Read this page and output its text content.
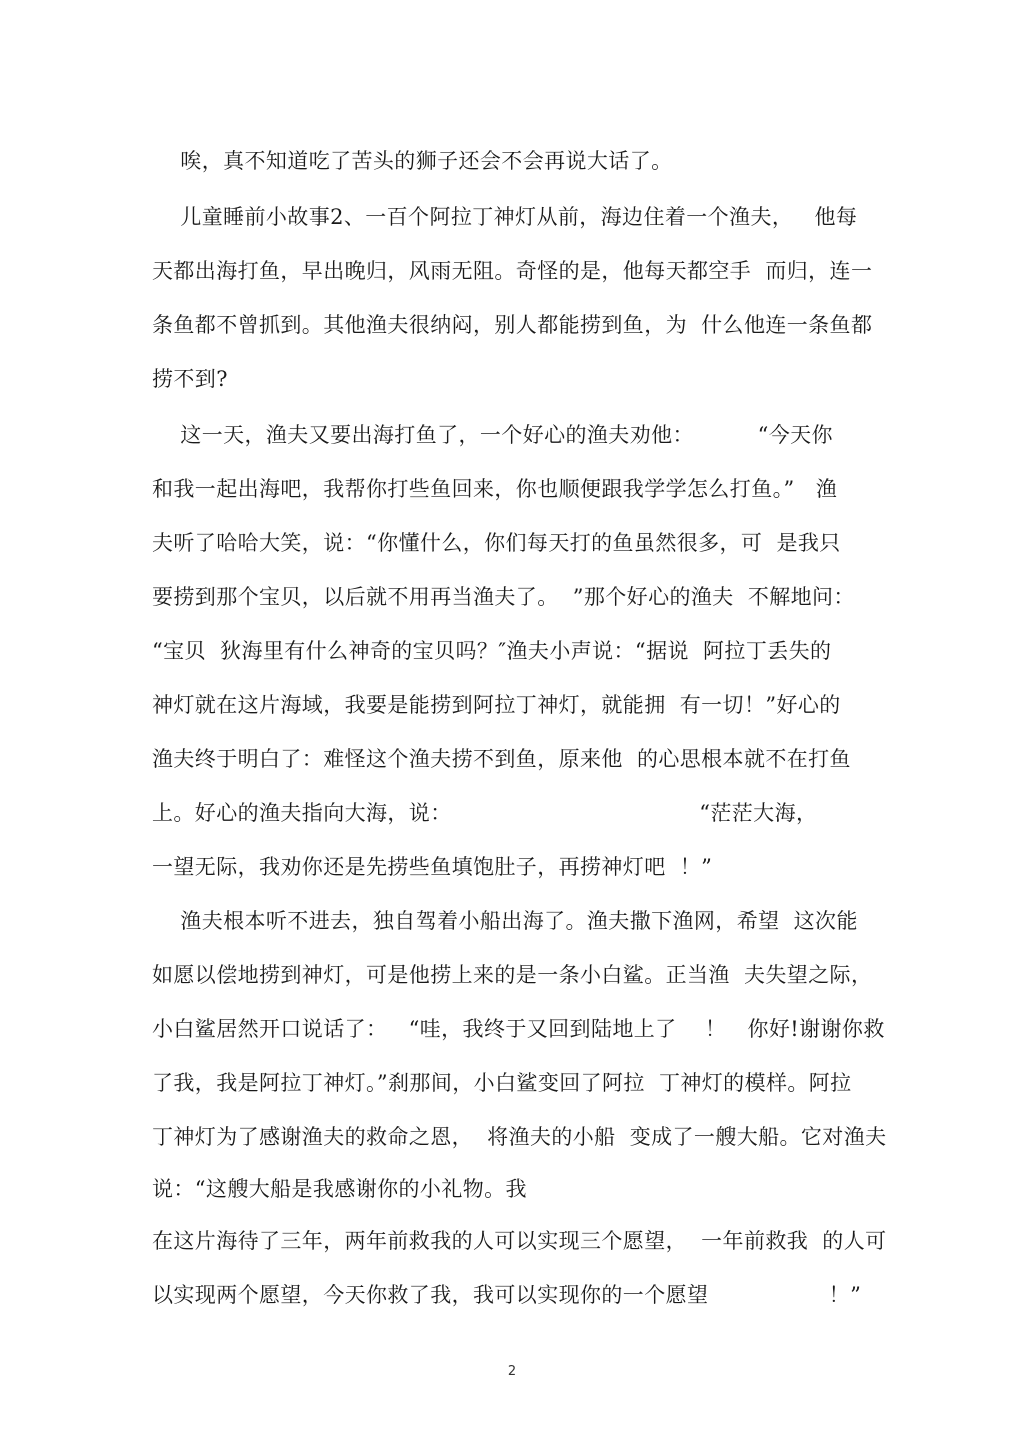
唉，真不知道吃了苦头的狮子还会不会再说大话了。
儿童睡前小故事2、一百个阿拉丁神灯从前，海边住着一个渔夫，   他每
天都出海打鱼，早出晚归，风雨无阻。奇怪的是，他每天都空手  而归，连一
条鱼都不曾抓到。其他渔夫很纳闷，别人都能捞到鱼，为  什么他连一条鱼都
捞不到?
这一天，渔夫又要出海打鱼了，一个好心的渔夫劝他：         “今天你
和我一起出海吧，我帮你打些鱼回来，你也顺便跟我学学怎么打鱼。”   渔
夫听了哈哈大笑，说：“你懂什么，你们每天打的鱼虽然很多，可  是我只
要捞到那个宝贝，以后就不用再当渔夫了。  ”那个好心的渔夫  不解地问：
“宝贝  狄海里有什么神奇的宝贝吗？″渔夫小声说：“据说  阿拉丁丢失的
神灯就在这片海域，我要是能捞到阿拉丁神灯，就能拥  有一切！”好心的
渔夫终于明白了：难怪这个渔夫捞不到鱼，原来他  的心思根本就不在打鱼
上。好心的渔夫指向大海，说：                                   “茫茫大海，
一望无际，我劝你还是先捞些鱼填饱肚子，再捞神灯吧  ！”
渔夫根本听不进去，独自驾着小船出海了。渔夫撒下渔网，希望  这次能
如愿以偿地捞到神灯，可是他捞上来的是一条小白鲨。正当渔  夫失望之际，
小白鲨居然开口说话了：   “哇，我终于又回到陆地上了    ！   你好!谢谢你救
了我，我是阿拉丁神灯。”刹那间，小白鲨变回了阿拉  丁神灯的模样。阿拉
丁神灯为了感谢渔夫的救命之恩，  将渔夫的小船  变成了一艘大船。它对渔夫
说：“这艘大船是我感谢你的小礼物。我
在这片海待了三年，两年前救我的人可以实现三个愿望，  一年前救我  的人可
以实现两个愿望，今天你救了我，我可以实现你的一个愿望                 ！”
2
